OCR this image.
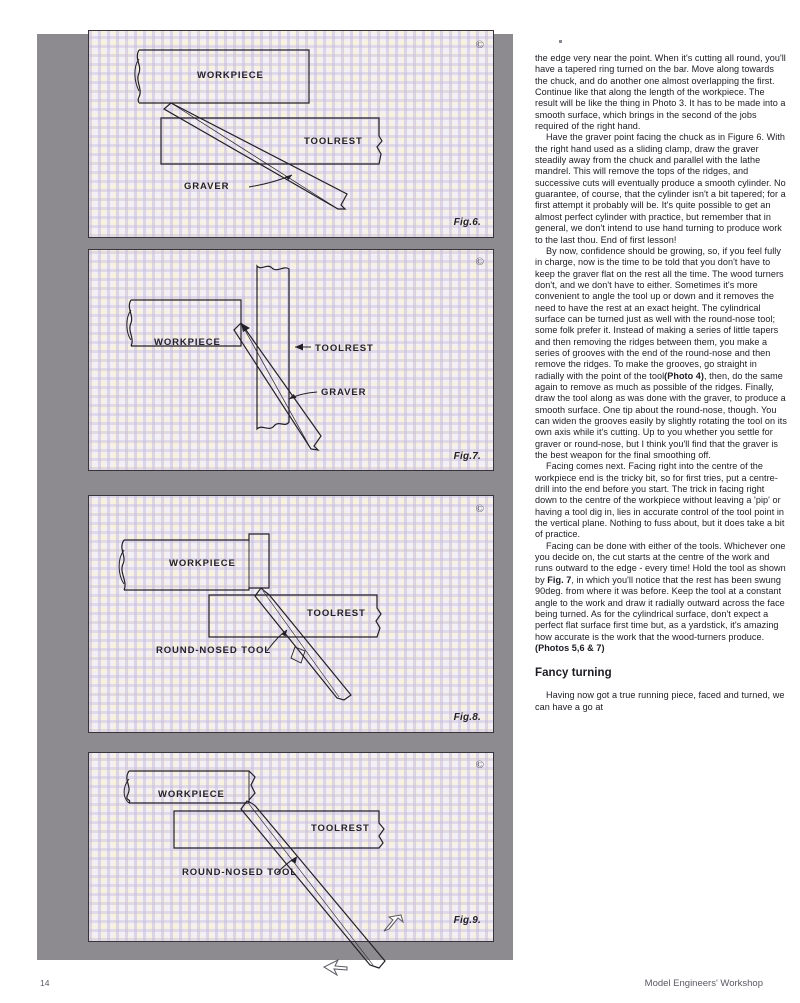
WORKPIECE
TOOLREST
GRAVER
©
Fig.6.
WORKPIECE
TOOLREST
GRAVER
©
Fig.7.
WORKPIECE
TOOLREST
ROUND-NOSED TOOL
©
Fig.8.
WORKPIECE
TOOLREST
ROUND-NOSED TOOL
©
Fig.9.

the edge very near the point. When it's cutting all round, you'll have a tapered ring turned on the bar. Move along towards the chuck, and do another one almost overlapping the first. Continue like that along the length of the workpiece. The result will be like the thing in Photo 3. It has to be made into a smooth surface, which brings in the second of the jobs required of the right hand.

Have the graver point facing the chuck as in Figure 6. With the right hand used as a sliding clamp, draw the graver steadily away from the chuck and parallel with the lathe mandrel. This will remove the tops of the ridges, and successive cuts will eventually produce a smooth cylinder. No guarantee, of course, that the cylinder isn't a bit tapered; for a first attempt it probably will be. It's quite possible to get an almost perfect cylinder with practice, but remember that in general, we don't intend to use hand turning to produce work to the last thou. End of first lesson!

By now, confidence should be growing, so, if you feel fully in charge, now is the time to be told that you don't have to keep the graver flat on the rest all the time. The wood turners don't, and we don't have to either. Sometimes it's more convenient to angle the tool up or down and it removes the need to have the rest at an exact height. The cylindrical surface can be turned just as well with the round-nose tool; some folk prefer it. Instead of making a series of little tapers and then removing the ridges between them, you make a series of grooves with the end of the round-nose and then remove the ridges. To make the grooves, go straight in radially with the point of the tool(Photo 4), then, do the same again to remove as much as possible of the ridges. Finally, draw the tool along as was done with the graver, to produce a smooth surface. One tip about the round-nose, though. You can widen the grooves easily by slightly rotating the tool on its own axis while it's cutting. Up to you whether you settle for graver or round-nose, but I think you'll find that the graver is the best weapon for the final smoothing off.

Facing comes next. Facing right into the centre of the workpiece end is the tricky bit, so for first tries, put a centre-drill into the end before you start. The trick in facing right down to the centre of the workpiece without leaving a 'pip' or having a tool dig in, lies in accurate control of the tool point in the vertical plane. Nothing to fuss about, but it does take a bit of practice.

Facing can be done with either of the tools. Whichever one you decide on, the cut starts at the centre of the work and runs outward to the edge - every time! Hold the tool as shown by Fig. 7, in which you'll notice that the rest has been swung 90deg. from where it was before. Keep the tool at a constant angle to the work and draw it radially outward across the face being turned. As for the cylindrical surface, don't expect a perfect flat surface first time but, as a yardstick, it's amazing how accurate is the work that the wood-turners produce. (Photos 5,6 & 7)

Fancy turning

Having now got a true running piece, faced and turned, we can have a go at

14	Model Engineers' Workshop
